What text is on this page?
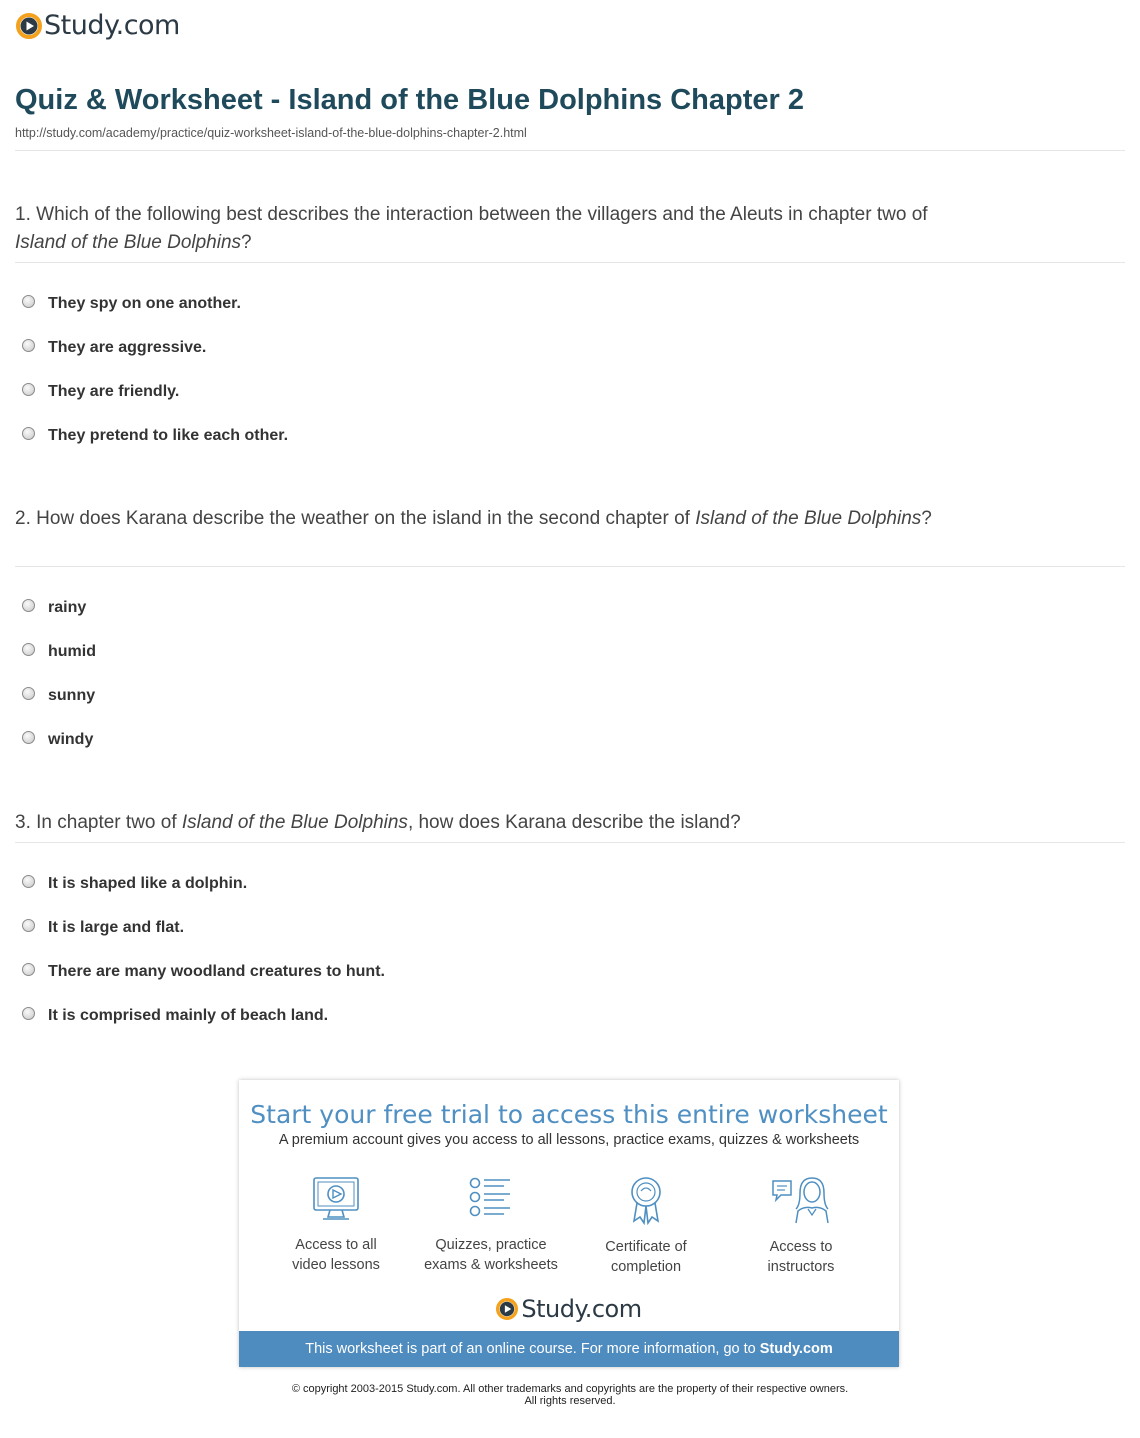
Study.com
Quiz & Worksheet - Island of the Blue Dolphins Chapter 2
http://study.com/academy/practice/quiz-worksheet-island-of-the-blue-dolphins-chapter-2.html

1. Which of the following best describes the interaction between the villagers and the Aleuts in chapter two of Island of the Blue Dolphins?

They spy on one another.
They are aggressive.
They are friendly.
They pretend to like each other.

2. How does Karana describe the weather on the island in the second chapter of Island of the Blue Dolphins?

rainy
humid
sunny
windy

3. In chapter two of Island of the Blue Dolphins, how does Karana describe the island?

It is shaped like a dolphin.
It is large and flat.
There are many woodland creatures to hunt.
It is comprised mainly of beach land.
Start your free trial to access this entire worksheet
A premium account gives you access to all lessons, practice exams, quizzes & worksheets
Access to all
video lessons
Quizzes, practice
exams & worksheets
Certificate of
completion
Access to
instructors
Study.com
This worksheet is part of an online course. For more information, go to Study.com
© copyright 2003-2015 Study.com. All other trademarks and copyrights are the property of their respective owners.
All rights reserved.
